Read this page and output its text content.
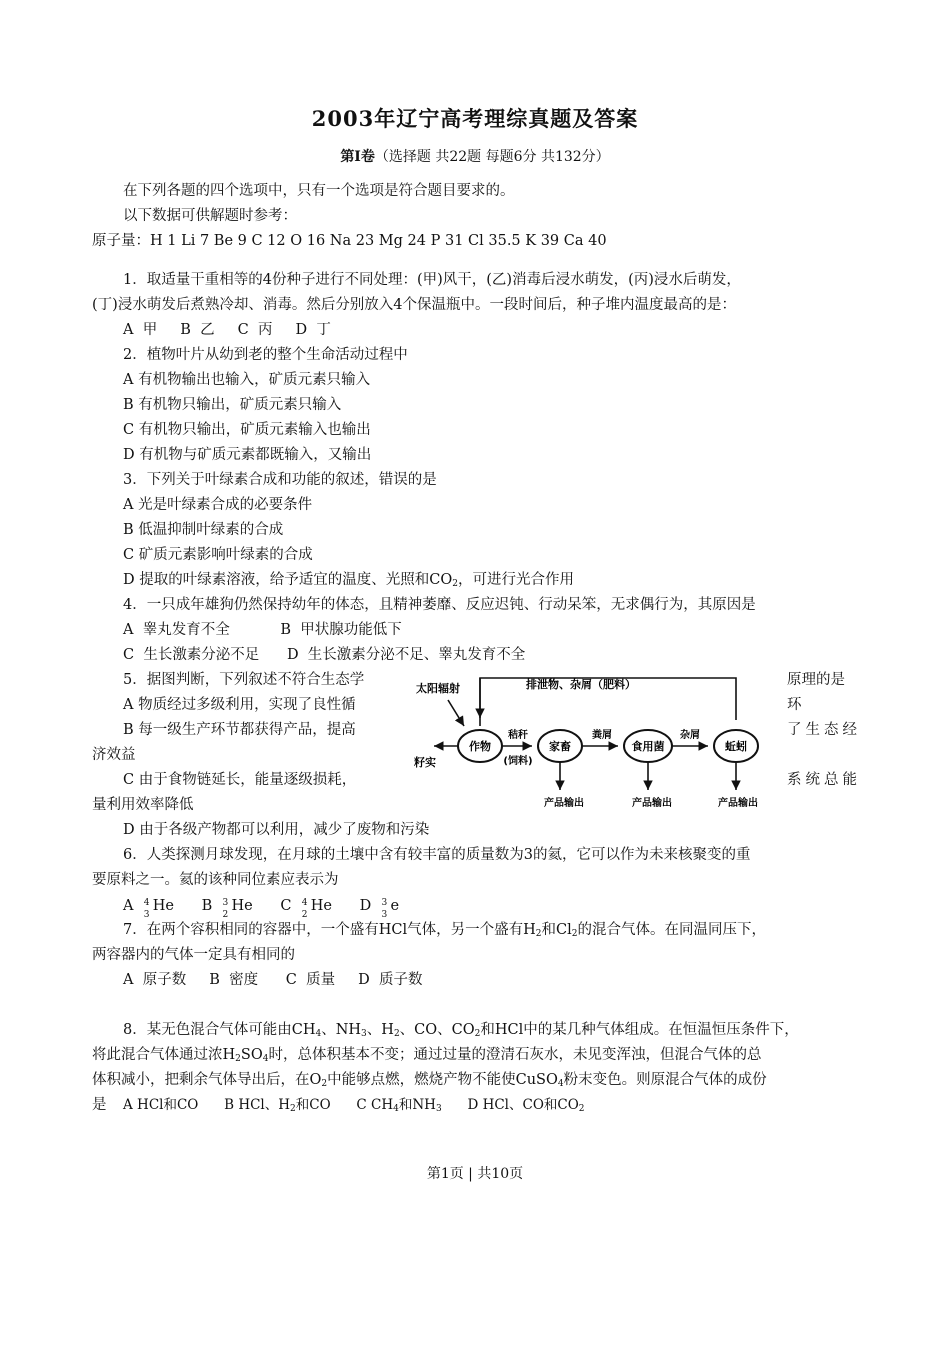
2003年辽宁高考理综真题及答案
第Ⅰ卷（选择题 共22题 每题6分 共132分）
在下列各题的四个选项中，只有一个选项是符合题目要求的。
以下数据可供解题时参考：
原子量：H 1 Li 7 Be 9 C 12 O 16 Na 23 Mg 24 P 31 Cl 35.5 K 39 Ca 40
1．取适量干重相等的4份种子进行不同处理：(甲)风干，(乙)消毒后浸水萌发，(丙)浸水后萌发，
(丁)浸水萌发后煮熟冷却、消毒。然后分别放入4个保温瓶中。一段时间后，种子堆内温度最高的是：
A  甲     B  乙     C  丙     D  丁
2．植物叶片从幼到老的整个生命活动过程中
A 有机物输出也输入，矿质元素只输入
B 有机物只输出，矿质元素只输入
C 有机物只输出，矿质元素输入也输出
D 有机物与矿质元素都既输入，又输出
3．下列关于叶绿素合成和功能的叙述，错误的是
A 光是叶绿素合成的必要条件
B 低温抑制叶绿素的合成
C 矿质元素影响叶绿素的合成
D 提取的叶绿素溶液，给予适宜的温度、光照和$CO_2$，可进行光合作用
4．一只成年雄狗仍然保持幼年的体态，且精神萎靡、反应迟钝、行动呆笨，无求偶行为，其原因是
A  睾丸发育不全           B  甲状腺功能低下
C  生长激素分泌不足      D  生长激素分泌不足、睾丸发育不全
5．据图判断，下列叙述不符合生态学	原理的是
A 物质经过多级利用，实现了良性循	环
B 每一级生产环节都获得产品，提高	了生态经
济效益
C 由于食物链延长，能量逐级损耗，	系统总能
量利用效率降低
D 由于各级产物都可以利用，减少了废物和污染
太阳辐射	排泄物、杂屑（肥料）
作物	家畜	食用菌	蚯蚓
籽实
秸秆
(饲料)
粪屑	杂屑
产品输出	产品输出	产品输出
6．人类探测月球发现，在月球的土壤中含有较丰富的质量数为3的氦，它可以作为未来核聚变的重
要原料之一。氦的该种同位素应表示为
A 4
3
He B 3
2
He C 4
2
He D 3
3
e
7．在两个容积相同的容器中，一个盛有HCl气体，另一个盛有$H_2$和$Cl_2$的混合气体。在同温同压下，
两容器内的气体一定具有相同的
A  原子数     B  密度      C  质量     D  质子数
8．某无色混合气体可能由$CH_4$、$NH_3$、$H_2$、CO、$CO_2$和HCl中的某几种气体组成。在恒温恒压条件下，
将此混合气体通过浓$H_2SO_4$时，总体积基本不变；通过过量的澄清石灰水，未见变浑浊，但混合气体的总
体积减小，把剩余气体导出后，在$O_2$中能够点燃，燃烧产物不能使CuSO$_4$粉末变色。则原混合气体的成份
是 A HCl和CO B HCl、$H_2$和CO C $CH_4$和$NH_3$ D HCl、CO和$CO_2$
第1页 | 共10页
